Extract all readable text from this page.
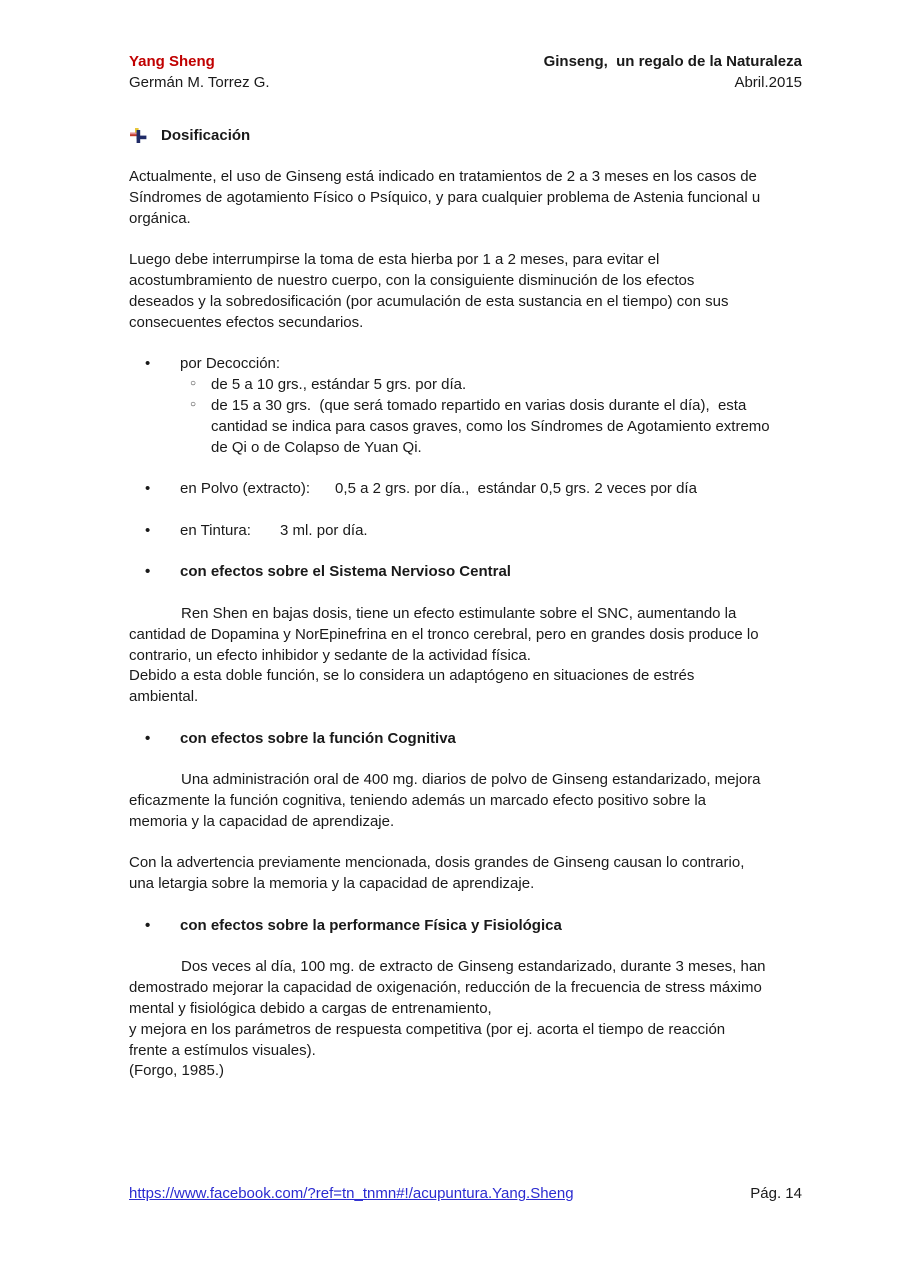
Yang Sheng	Ginseng,  un regalo de la Naturaleza
Germán M. Torrez G.	Abril.2015
Dosificación

Actualmente, el uso de Ginseng está indicado en tratamientos de 2 a 3 meses en los casos de
Síndromes de agotamiento Físico o Psíquico, y para cualquier problema de Astenia funcional u
orgánica.

Luego debe interrumpirse la toma de esta hierba por 1 a 2 meses, para evitar el
acostumbramiento de nuestro cuerpo, con la consiguiente disminución de los efectos
deseados y la sobredosificación (por acumulación de esta sustancia en el tiempo) con sus
consecuentes efectos secundarios.

•	por Decocción:
○ de 5 a 10 grs., estándar 5 grs. por día.
○ de 15 a 30 grs.  (que será tomado repartido en varias dosis durante el día),  esta
cantidad se indica para casos graves, como los Síndromes de Agotamiento extremo
de Qi o de Colapso de Yuan Qi.
•	en Polvo (extracto):      0,5 a 2 grs. por día.,  estándar 0,5 grs. 2 veces por día
•	en Tintura:       3 ml. por día.
•	con efectos sobre el Sistema Nervioso Central

Ren Shen en bajas dosis, tiene un efecto estimulante sobre el SNC, aumentando la
cantidad de Dopamina y NorEpinefrina en el tronco cerebral, pero en grandes dosis produce lo
contrario, un efecto inhibidor y sedante de la actividad física.
Debido a esta doble función, se lo considera un adaptógeno en situaciones de estrés
ambiental.

•	con efectos sobre la función Cognitiva

Una administración oral de 400 mg. diarios de polvo de Ginseng estandarizado, mejora
eficazmente la función cognitiva, teniendo además un marcado efecto positivo sobre la
memoria y la capacidad de aprendizaje.

Con la advertencia previamente mencionada, dosis grandes de Ginseng causan lo contrario,
una letargia sobre la memoria y la capacidad de aprendizaje.

•	con efectos sobre la performance Física y Fisiológica

Dos veces al día, 100 mg. de extracto de Ginseng estandarizado, durante 3 meses, han
demostrado mejorar la capacidad de oxigenación, reducción de la frecuencia de stress máximo
mental y fisiológica debido a cargas de entrenamiento,
y mejora en los parámetros de respuesta competitiva (por ej. acorta el tiempo de reacción
frente a estímulos visuales).
(Forgo, 1985.)

https://www.facebook.com/?ref=tn_tnmn#!/acupuntura.Yang.Sheng	Pág. 14
